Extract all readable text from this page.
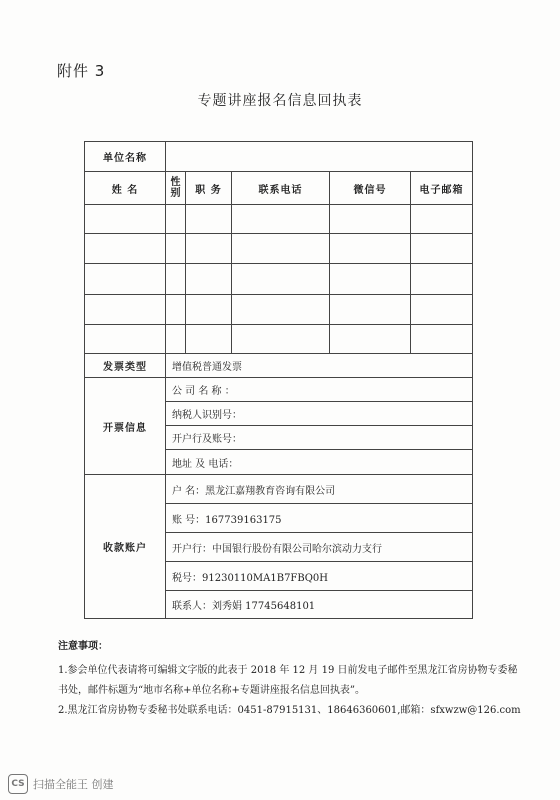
附件 3
专题讲座报名信息回执表
单位名称					
姓 名	性别	职 务	联系电话	微信号	电子邮箱

发票类型	增值税普通发票				
开票信息	公 司 名 称 ：				
	纳税人识别号：				
	开户行及账号：				
	地址 及 电话：				
收款账户	户 名：黑龙江嘉翔教育咨询有限公司				
	账 号：167739163175				
	开户行：中国银行股份有限公司哈尔滨动力支行				
	税号：91230110MA1B7FBQ0H				
	联系人：刘秀娟 17745648101				
注意事项：
1.参会单位代表请将可编辑文字版的此表于 2018 年 12 月 19 日前发电子邮件至黑龙江省房协物专委秘
书处，邮件标题为“地市名称+单位名称+专题讲座报名信息回执表”。
2.黑龙江省房协物专委秘书处联系电话：0451-87915131、18646360601,邮箱：sfxwzw@126.com
CS 扫描全能王 创建
